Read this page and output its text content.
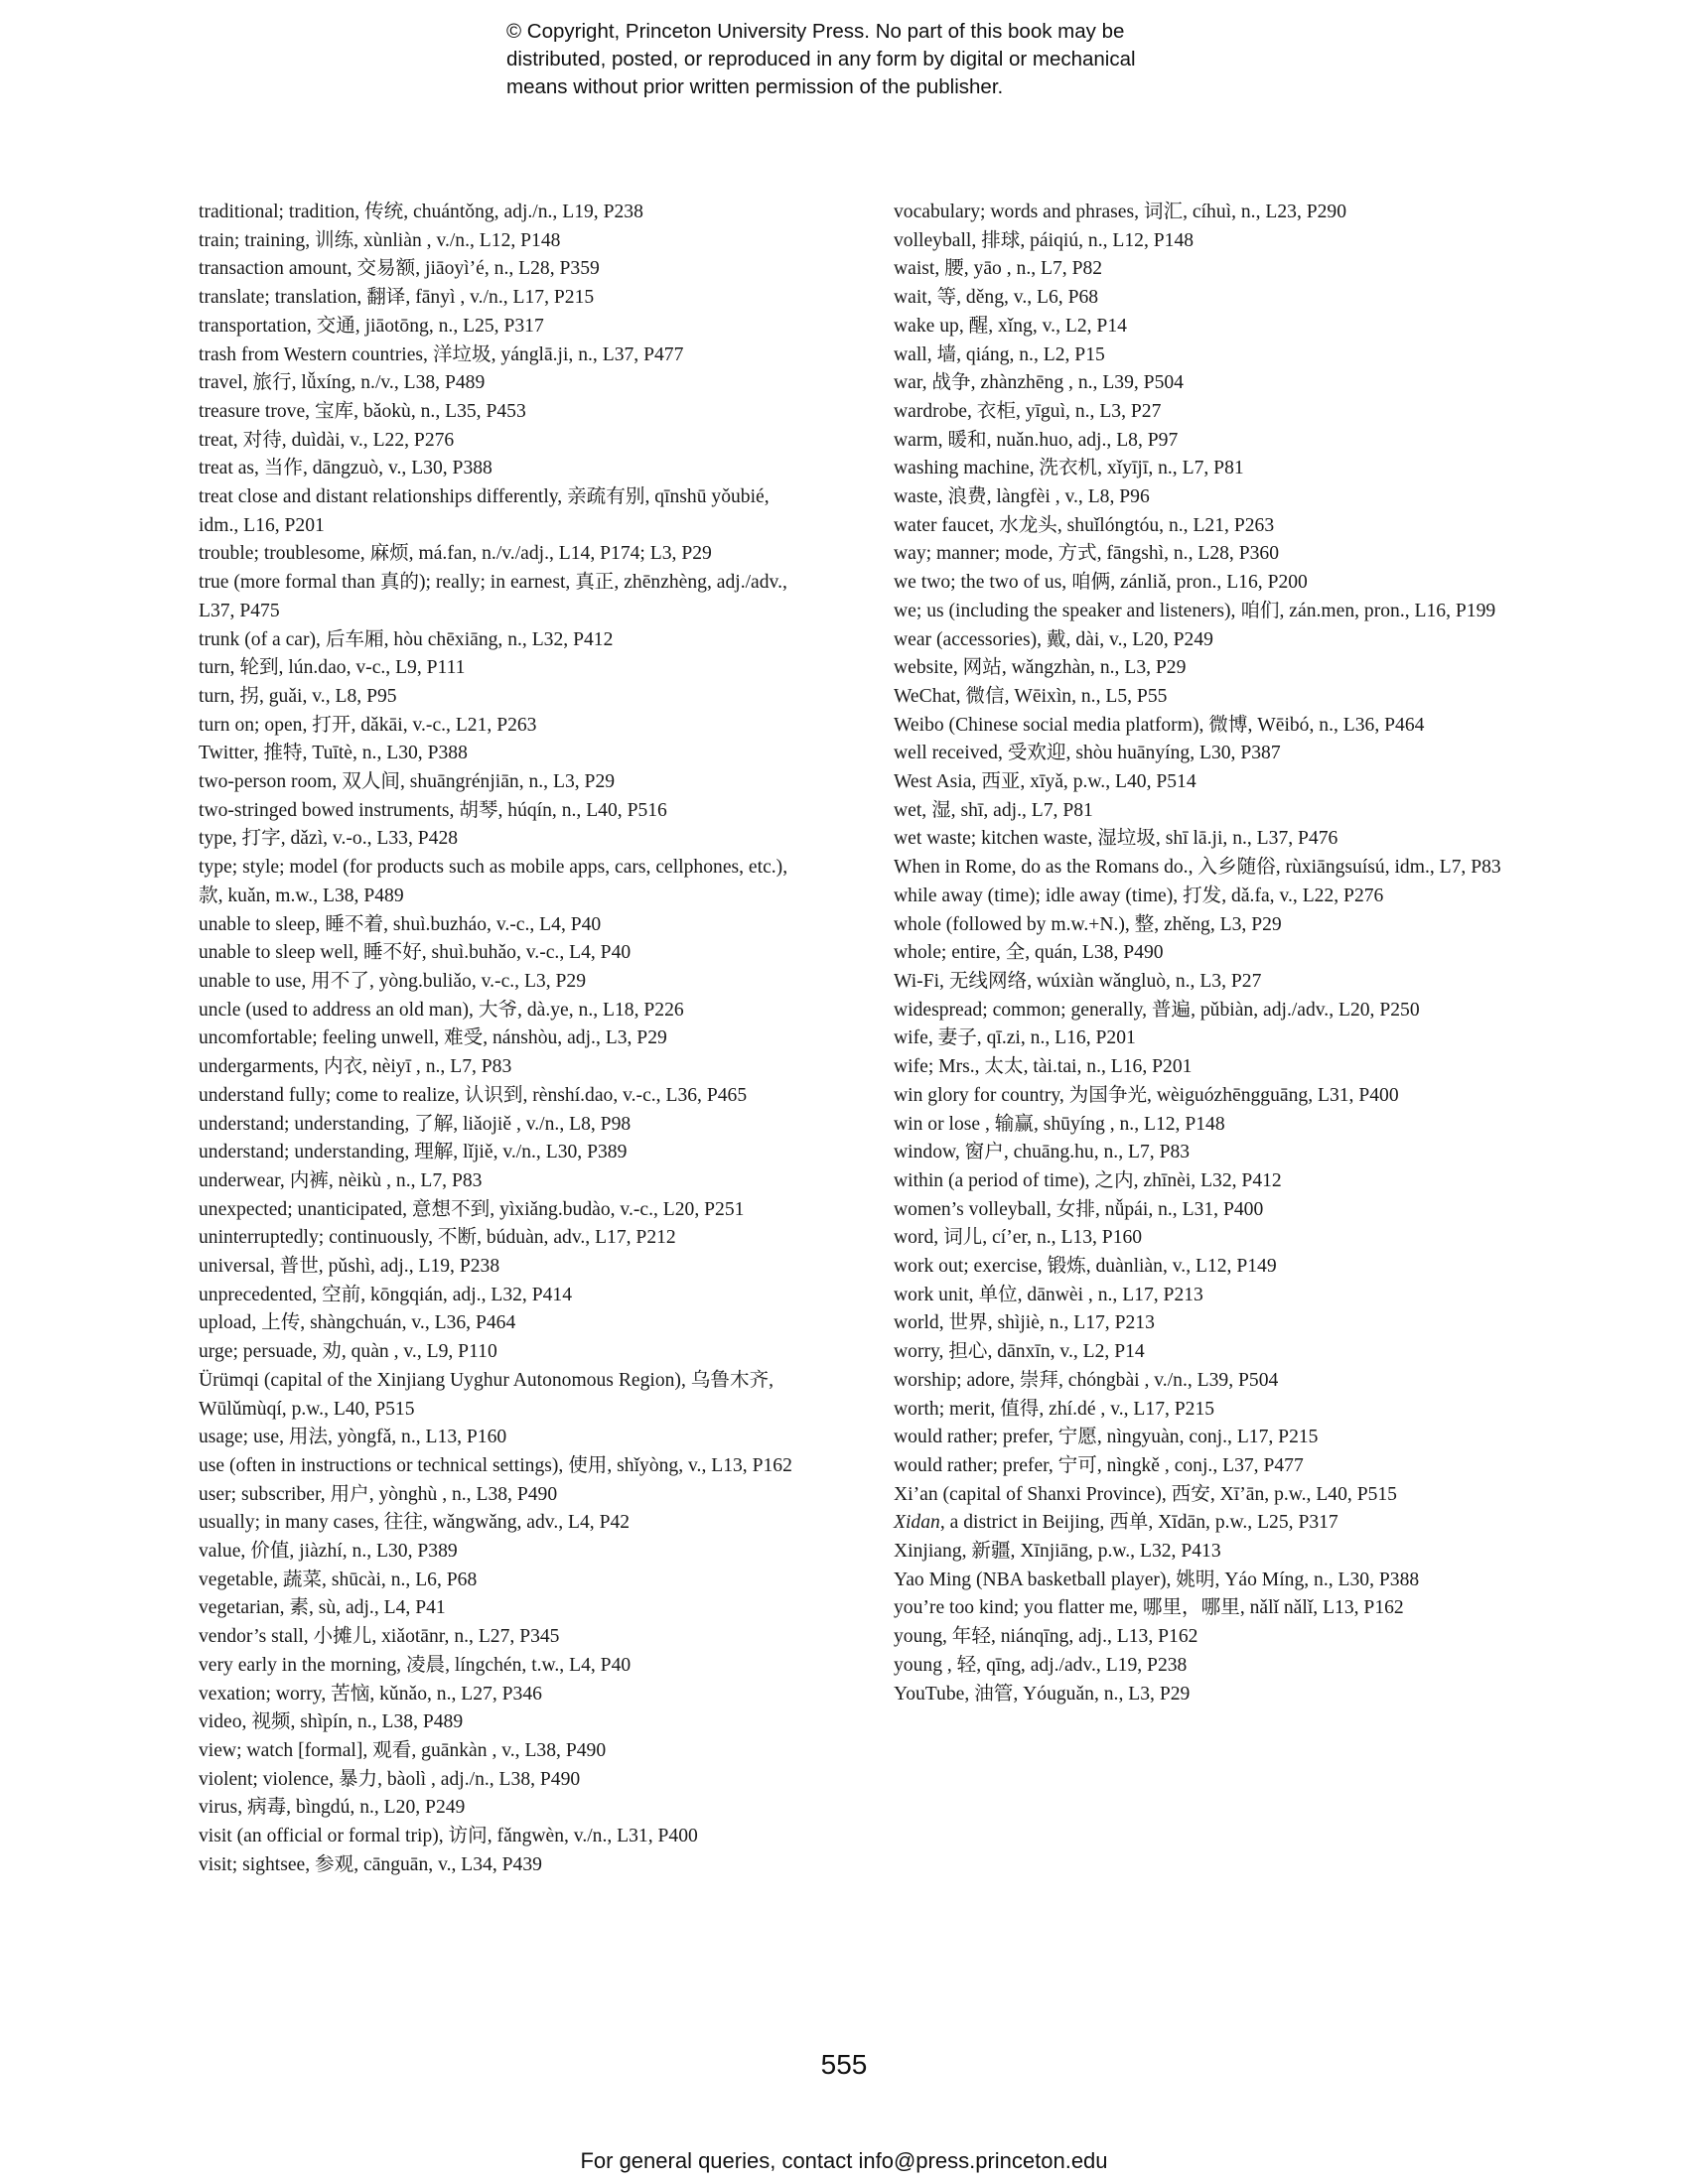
© Copyright, Princeton University Press. No part of this book may be
distributed, posted, or reproduced in any form by digital or mechanical
means without prior written permission of the publisher.

traditional; tradition, 传统, chuántǒng, adj./n., L19, P238

train; training, 训练, xùnliàn , v./n., L12, P148

transaction amount, 交易额, jiāoyì’é, n., L28, P359

translate; translation, 翻译, fānyì , v./n., L17, P215

transportation, 交通, jiāotōng, n., L25, P317

trash from Western countries, 洋垃圾, yánglā.ji, n., L37, P477

travel, 旅行, lǚxíng, n./v., L38, P489

treasure trove, 宝库, bǎokù, n., L35, P453

treat, 对待, duìdài, v., L22, P276

treat as, 当作, dāngzuò, v., L30, P388

treat close and distant relationships differently, 亲疏有别, qīnshū yǒubié, idm., L16, P201

trouble; troublesome, 麻烦, má.fan, n./v./adj., L14, P174; L3, P29

true (more formal than 真的); really; in earnest, 真正, zhēnzhèng, adj./adv., L37, P475

trunk (of a car), 后车厢, hòu chēxiāng, n., L32, P412

turn, 轮到, lún.dao, v-c., L9, P111

turn, 拐, guǎi, v., L8, P95

turn on; open, 打开, dǎkāi, v.-c., L21, P263

Twitter, 推特, Tuītè, n., L30, P388

two-person room, 双人间, shuāngrénjiān, n., L3, P29

two-stringed bowed instruments, 胡琴, húqín, n., L40, P516

type, 打字, dǎzì, v.-o., L33, P428

type; style; model (for products such as mobile apps, cars, cellphones, etc.), 款, kuǎn, m.w., L38, P489

unable to sleep, 睡不着, shuì.buzháo, v.-c., L4, P40

unable to sleep well, 睡不好, shuì.buhǎo, v.-c., L4, P40

unable to use, 用不了, yòng.buliǎo, v.-c., L3, P29

uncle (used to address an old man), 大爷, dà.ye, n., L18, P226

uncomfortable; feeling unwell, 难受, nánshòu, adj., L3, P29

undergarments, 内衣, nèiyī , n., L7, P83

understand fully; come to realize, 认识到, rènshí.dao, v.-c., L36, P465

understand; understanding, 了解, liǎojiě , v./n., L8, P98

understand; understanding, 理解, lǐjiě, v./n., L30, P389

underwear, 内裤, nèikù , n., L7, P83

unexpected; unanticipated, 意想不到, yìxiǎng.budào, v.-c., L20, P251

uninterruptedly; continuously, 不断, búduàn, adv., L17, P212

universal, 普世, pǔshì, adj., L19, P238

unprecedented, 空前, kōngqián, adj., L32, P414

upload, 上传, shàngchuán, v., L36, P464

urge; persuade, 劝, quàn , v., L9, P110

Ürümqi (capital of the Xinjiang Uyghur Autonomous Region), 乌鲁木齐, Wūlǔmùqí, p.w., L40, P515

usage; use, 用法, yòngfǎ, n., L13, P160

use (often in instructions or technical settings), 使用, shǐyòng, v., L13, P162

user; subscriber, 用户, yònghù , n., L38, P490

usually; in many cases, 往往, wǎngwǎng, adv., L4, P42

value, 价值, jiàzhí, n., L30, P389

vegetable, 蔬菜, shūcài, n., L6, P68

vegetarian, 素, sù, adj., L4, P41

vendor’s stall, 小摊儿, xiǎotānr, n., L27, P345

very early in the morning, 凌晨, língchén, t.w., L4, P40

vexation; worry, 苦恼, kǔnǎo, n., L27, P346

video, 视频, shìpín, n., L38, P489

view; watch [formal], 观看, guānkàn , v., L38, P490

violent; violence, 暴力, bàolì , adj./n., L38, P490

virus, 病毒, bìngdú, n., L20, P249

visit (an official or formal trip), 访问, fǎngwèn, v./n., L31, P400

visit; sightsee, 参观, cānguān, v., L34, P439

vocabulary; words and phrases, 词汇, cíhuì, n., L23, P290

volleyball, 排球, páiqiú, n., L12, P148

waist, 腰, yāo , n., L7, P82

wait, 等, děng, v., L6, P68

wake up, 醒, xǐng, v., L2, P14

wall, 墙, qiáng, n., L2, P15

war, 战争, zhànzhēng , n., L39, P504

wardrobe, 衣柜, yīguì, n., L3, P27

warm, 暖和, nuǎn.huo, adj., L8, P97

washing machine, 洗衣机, xǐyījī, n., L7, P81

waste, 浪费, làngfèi , v., L8, P96

water faucet, 水龙头, shuǐlóngtóu, n., L21, P263

way; manner; mode, 方式, fāngshì, n., L28, P360

we two; the two of us, 咱俩, zánliǎ, pron., L16, P200

we; us (including the speaker and listeners), 咱们, zán.men, pron., L16, P199

wear (accessories), 戴, dài, v., L20, P249

website, 网站, wǎngzhàn, n., L3, P29

WeChat, 微信, Wēixìn, n., L5, P55

Weibo (Chinese social media platform), 微博, Wēibó, n., L36, P464

well received, 受欢迎, shòu huānyíng, L30, P387

West Asia, 西亚, xīyǎ, p.w., L40, P514

wet, 湿, shī, adj., L7, P81

wet waste; kitchen waste, 湿垃圾, shī lā.ji, n., L37, P476

When in Rome, do as the Romans do., 入乡随俗, rùxiāngsuísú, idm., L7, P83

while away (time); idle away (time), 打发, dǎ.fa, v., L22, P276

whole (followed by m.w.+N.), 整, zhěng, L3, P29

whole; entire, 全, quán, L38, P490

Wi-Fi, 无线网络, wúxiàn wǎngluò, n., L3, P27

widespread; common; generally, 普遍, pǔbiàn, adj./adv., L20, P250

wife, 妻子, qī.zi, n., L16, P201

wife; Mrs., 太太, tài.tai, n., L16, P201

win glory for country, 为国争光, wèiguózhēngguāng, L31, P400

win or lose , 输赢, shūyíng , n., L12, P148

window, 窗户, chuāng.hu, n., L7, P83

within (a period of time), 之内, zhīnèi, L32, P412

women’s volleyball, 女排, nǚpái, n., L31, P400

word, 词儿, cí’er, n., L13, P160

work out; exercise, 锻炼, duànliàn, v., L12, P149

work unit, 单位, dānwèi , n., L17, P213

world, 世界, shìjiè, n., L17, P213

worry, 担心, dānxīn, v., L2, P14

worship; adore, 崇拜, chóngbài , v./n., L39, P504

worth; merit, 值得, zhí.dé , v., L17, P215

would rather; prefer, 宁愿, nìngyuàn, conj., L17, P215

would rather; prefer, 宁可, nìngkě , conj., L37, P477

Xi’an (capital of Shanxi Province), 西安, Xī’ān, p.w., L40, P515

Xidan, a district in Beijing, 西单, Xīdān, p.w., L25, P317

Xinjiang, 新疆, Xīnjiāng, p.w., L32, P413

Yao Ming (NBA basketball player), 姚明, Yáo Míng, n., L30, P388

you’re too kind; you flatter me, 哪里，哪里, nǎlǐ nǎlǐ, L13, P162

young, 年轻, niánqīng, adj., L13, P162

young , 轻, qīng, adj./adv., L19, P238

YouTube, 油管, Yóuguǎn, n., L3, P29

555
For general queries, contact info@press.princeton.edu
